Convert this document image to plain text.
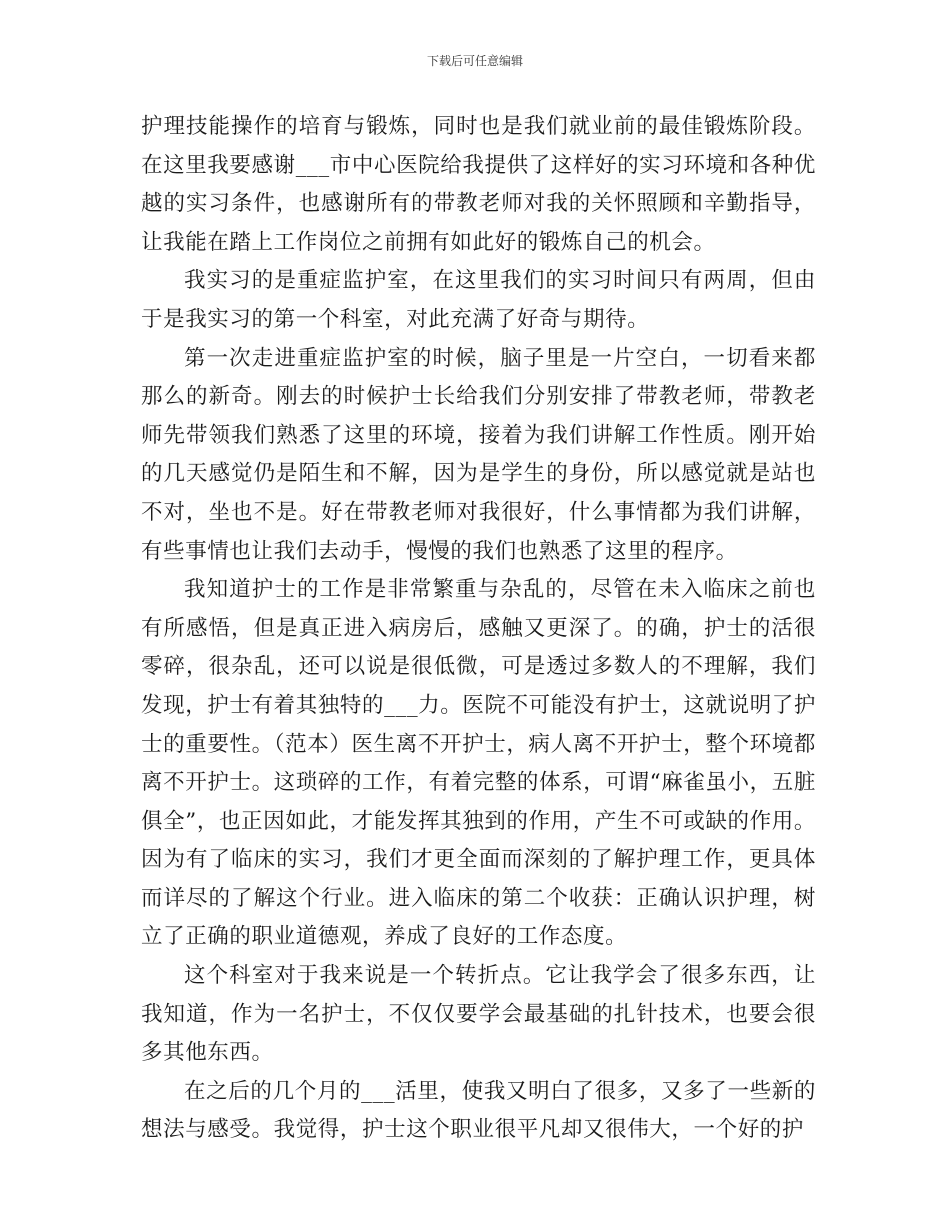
下载后可任意编辑

护理技能操作的培育与锻炼，同时也是我们就业前的最佳锻炼阶段。在这里我要感谢___市中心医院给我提供了这样好的实习环境和各种优越的实习条件，也感谢所有的带教老师对我的关怀照顾和辛勤指导，让我能在踏上工作岗位之前拥有如此好的锻炼自己的机会。

我实习的是重症监护室，在这里我们的实习时间只有两周，但由于是我实习的第一个科室，对此充满了好奇与期待。

第一次走进重症监护室的时候，脑子里是一片空白，一切看来都那么的新奇。刚去的时候护士长给我们分别安排了带教老师，带教老师先带领我们熟悉了这里的环境，接着为我们讲解工作性质。刚开始的几天感觉仍是陌生和不解，因为是学生的身份，所以感觉就是站也不对，坐也不是。好在带教老师对我很好，什么事情都为我们讲解，有些事情也让我们去动手，慢慢的我们也熟悉了这里的程序。

我知道护士的工作是非常繁重与杂乱的，尽管在未入临床之前也有所感悟，但是真正进入病房后，感触又更深了。的确，护士的活很零碎，很杂乱，还可以说是很低微，可是透过多数人的不理解，我们发现，护士有着其独特的___力。医院不可能没有护士，这就说明了护士的重要性。（范本）医生离不开护士，病人离不开护士，整个环境都离不开护士。这琐碎的工作，有着完整的体系，可谓“麻雀虽小，五脏俱全”，也正因如此，才能发挥其独到的作用，产生不可或缺的作用。因为有了临床的实习，我们才更全面而深刻的了解护理工作，更具体而详尽的了解这个行业。进入临床的第二个收获：正确认识护理，树立了正确的职业道德观，养成了良好的工作态度。

这个科室对于我来说是一个转折点。它让我学会了很多东西，让我知道，作为一名护士，不仅仅要学会最基础的扎针技术，也要会很多其他东西。

在之后的几个月的___活里，使我又明白了很多，又多了一些新的想法与感受。我觉得，护士这个职业很平凡却又很伟大，一个好的护
